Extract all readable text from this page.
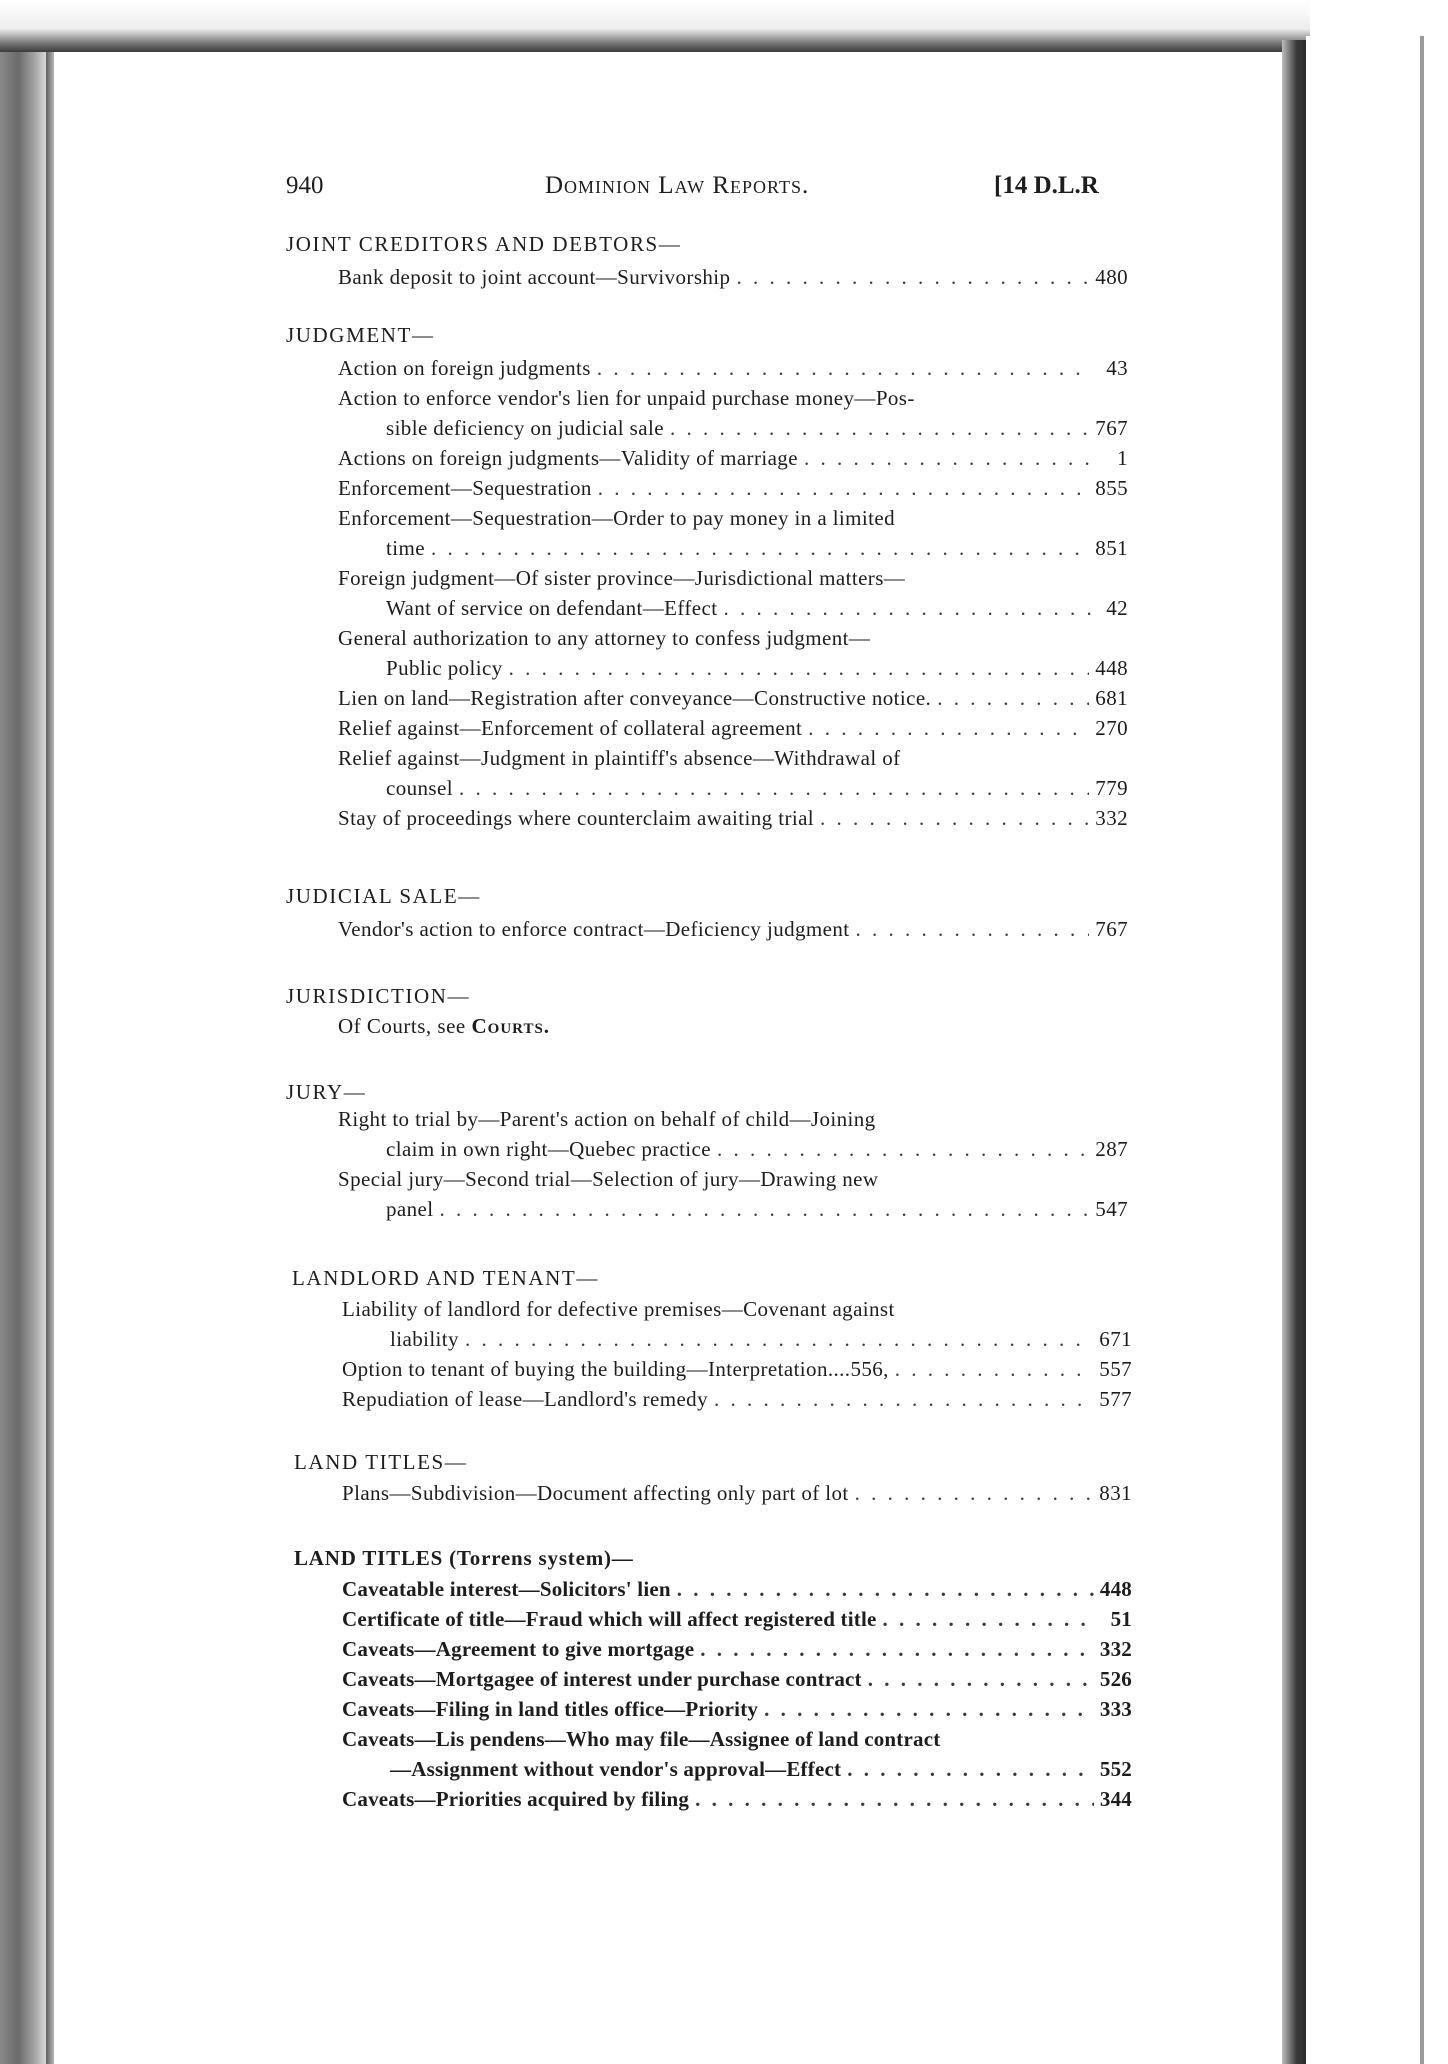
940	Dominion Law Reports.	[14 D.L.R
JOINT CREDITORS AND DEBTORS—
Bank deposit to joint account—Survivorship . . .	480
JUDGMENT—
Action on foreign judgments . . .	43
Action to enforce vendor's lien for unpaid purchase money—Pos-
sible deficiency on judicial sale . . .	767
Actions on foreign judgments—Validity of marriage . . .	1
Enforcement—Sequestration . . .	855
Enforcement—Sequestration—Order to pay money in a limited
time . . .	851
Foreign judgment—Of sister province—Jurisdictional matters—
Want of service on defendant—Effect . . .	42
General authorization to any attorney to confess judgment—
Public policy . . .	448
Lien on land—Registration after conveyance—Constructive notice. . . .	681
Relief against—Enforcement of collateral agreement . . .	270
Relief against—Judgment in plaintiff's absence—Withdrawal of
counsel . . .	779
Stay of proceedings where counterclaim awaiting trial . . .	332
JUDICIAL SALE—
Vendor's action to enforce contract—Deficiency judgment . . .	767
JURISDICTION—
Of Courts, see Courts.
JURY—
Right to trial by—Parent's action on behalf of child—Joining
claim in own right—Quebec practice . . .	287
Special jury—Second trial—Selection of jury—Drawing new
panel . . .	547
LANDLORD AND TENANT—
Liability of landlord for defective premises—Covenant against
liability . . .	671
Option to tenant of buying the building—Interpretation....556, . . .	557
Repudiation of lease—Landlord's remedy . . .	577
LAND TITLES—
Plans—Subdivision—Document affecting only part of lot . . .	831
LAND TITLES (Torrens system)—
Caveatable interest—Solicitors' lien . . .	448
Certificate of title—Fraud which will affect registered title . . .	51
Caveats—Agreement to give mortgage . . .	332
Caveats—Mortgagee of interest under purchase contract . . .	526
Caveats—Filing in land titles office—Priority . . .	333
Caveats—Lis pendens—Who may file—Assignee of land contract
—Assignment without vendor's approval—Effect . . .	552
Caveats—Priorities acquired by filing . . .	344
